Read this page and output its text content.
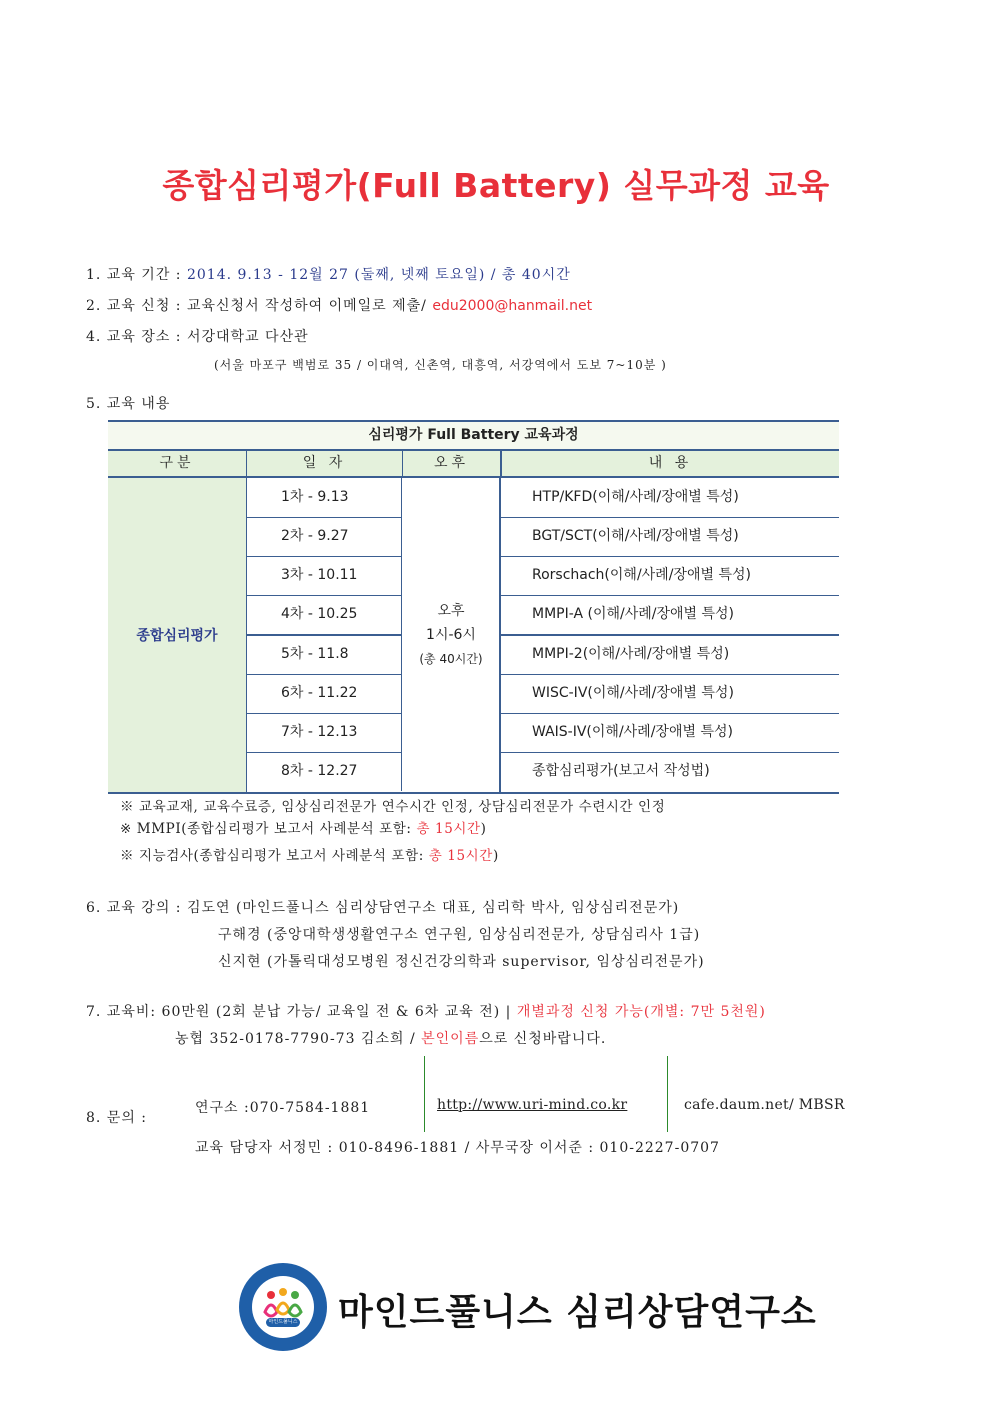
종합심리평가(Full Battery) 실무과정 교육
1. 교육 기간 : 2014. 9.13 - 12월 27 (둘째, 넷째 토요일) / 총 40시간
2. 교육 신청 : 교육신청서 작성하여 이메일로 제출/ edu2000@hanmail.net
4. 교육 장소 : 서강대학교 다산관
(서울 마포구 백범로 35 / 이대역, 신촌역, 대흥역, 서강역에서 도보 7~10분 )
5. 교육 내용
심리평가 Full Battery 교육과정
구분	일 자	오후	내 용
종합심리평가
오후
1시-6시
(총 40시간)
1차 - 9.13	HTP/KFD(이해/사례/장애별 특성)
2차 - 9.27	BGT/SCT(이해/사례/장애별 특성)
3차 - 10.11	Rorschach(이해/사례/장애별 특성)
4차 - 10.25	MMPI-A (이해/사례/장애별 특성)
5차 - 11.8	MMPI-2(이해/사례/장애별 특성)
6차 - 11.22	WISC-IV(이해/사례/장애별 특성)
7차 - 12.13	WAIS-IV(이해/사례/장애별 특성)
8차 - 12.27	종합심리평가(보고서 작성법)
※ 교육교재, 교육수료증, 임상심리전문가 연수시간 인정, 상담심리전문가 수련시간 인정
※ MMPI(종합심리평가 보고서 사례분석 포함: 총 15시간)
※ 지능검사(종합심리평가 보고서 사례분석 포함: 총 15시간)
6. 교육 강의 : 김도연 (마인드풀니스 심리상담연구소 대표, 심리학 박사, 임상심리전문가)
구해경 (중앙대학생생활연구소 연구원, 임상심리전문가, 상담심리사 1급)
신지현 (가톨릭대성모병원 정신건강의학과 supervisor, 임상심리전문가)
7. 교육비: 60만원 (2회 분납 가능/ 교육일 전 & 6차 교육 전) | 개별과정 신청 가능(개별: 7만 5천원)
농협 352-0178-7790-73 김소희 / 본인이름으로 신청바랍니다.
8. 문의 :
연구소 :070-7584-1881	http://www.uri-mind.co.kr	cafe.daum.net/ MBSR
교육 담당자 서정민 : 010-8496-1881 / 사무국장 이서준 : 010-2227-0707
마인드풀니스 마인드풀니스 심리상담연구소
